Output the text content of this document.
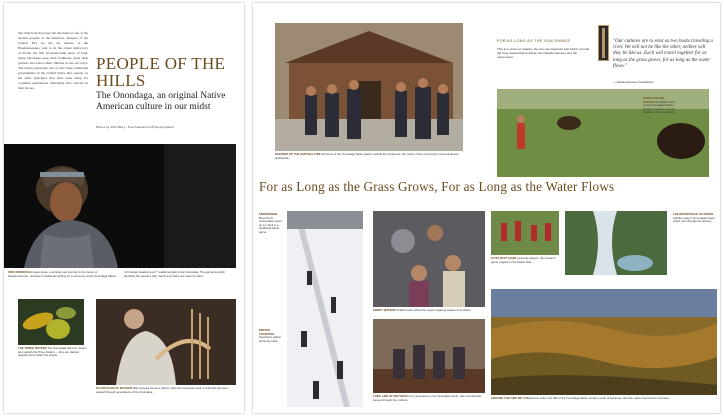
Our mile from Syracuse but the home of one of the ancient peoples of the Americas. Keepers of the Central Fire for the six nations of the Haudenosaunee, said to be the oldest democracy on Earth. On this 10-square-mile piece of land, many Onondaga keep their traditions, plant their gardens and school their children in the old ways. The nation represents one of only three traditional governments in the United States that operate on the same principles that have been using for countless generations. Enterprise first arrived on their shores.
PEOPLE OF THE HILLS
The Onondaga, an original Native American culture in our midst
Photos by John Berry / Post-Standard staff photographers
FIRE ONONDAGA Logan Hess, a working cast member in the Green of Haudenosaunee, dresses in traditional clothing for a ceremony at the Onondaga Nation.
A Porcelain beaded cover*: traditional garb is the Onondaga. The garments which identified the wearer's clan, family and nation are sewn by hand.
THE THREE SISTERS The Onondaga call corn, beans and squash the Three Sisters — they are planted together and sustain the people.
IS OUR HUGE OF MOTHER Alfie Jacques bends a hickory stick into a lacrosse stick, a craft that has been passed through generations of the Onondaga.
KEEPERS OF THE CENTRAL FIRE Members of the Onondaga Nation gather outside the longhouse, the center of the community's ceremonial and political life.
FOR AS LONG AS THE SUN SHINES
This is a series of treaties, the two-row wampum belt which records the long relationship between the Haudenosaunee and the newcomers.
"Our cultures are to exist as two boats traveling a river. We will not be like the other, neither will they be like us. Each will travel together for as long as the grass grows, for as long as the water flows."
— Haudenosaunee Confederacy
FOOD FOR THE NATION The buffalo herd on the Onondaga Nation territory provides meat for families in the community.
For as Long as the Grass Grows, For as Long as the Water Flows
SNOWSNAKE Boys throw snowsnakes down an icy track in a traditional winter game.
WINTER TRADITION Spectators gather along the track.
SWEET WATERS Children learn about the maple sugaring season from elders.
LONG LINE OF MOTHERS Four generations of an Onondaga family, clan membership passes through the mothers.
FAITH IN MY HAND Lacrosse players, the Creator's game, played on the Nation field.
THE IMPORTANCE OF WATER Children play in Onondaga Creek, which runs through the territory.
AROUND THE FIRE WE CAN Autumn colors the hills of the Onondaga Nation territory south of Syracuse, land the nation has held for centuries.
